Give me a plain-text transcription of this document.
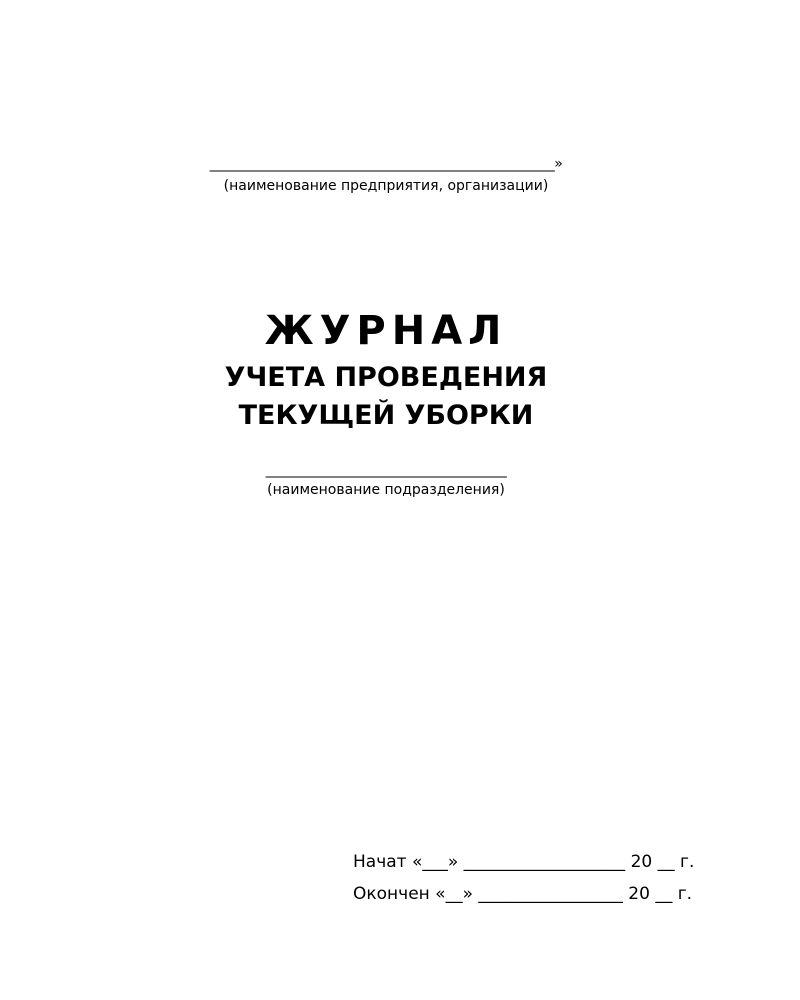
_____________________________________________________»
(наименование предприятия, организации)
ЖУРНАЛ
УЧЕТА ПРОВЕДЕНИЯ
ТЕКУЩЕЙ УБОРКИ
_____________________________________
(наименование подразделения)
Начат «___» ___________________ 20 __ г.
Окончен «__» _________________ 20 __ г.
